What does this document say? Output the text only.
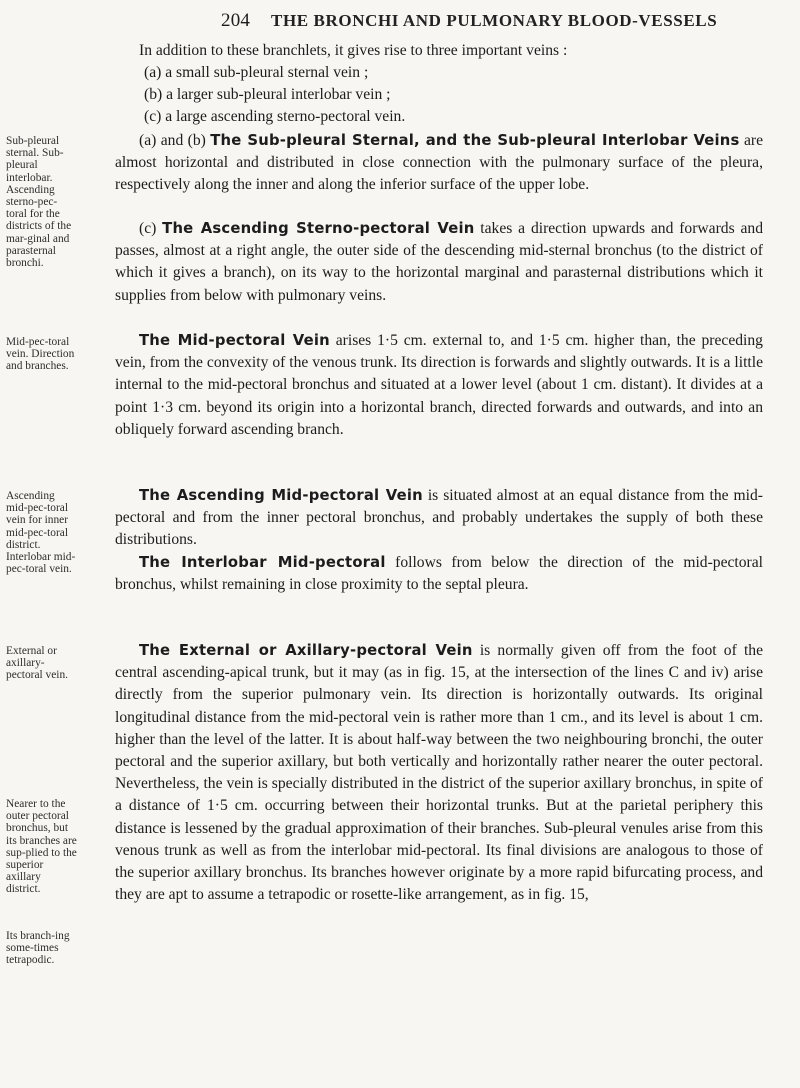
204 THE BRONCHI AND PULMONARY BLOOD-VESSELS

In addition to these branchlets, it gives rise to three important veins :

(a) a small sub-pleural sternal vein ;

(b) a larger sub-pleural interlobar vein ;

(c) a large ascending sterno-pectoral vein.

(a) and (b) The Sub-pleural Sternal, and the Sub-pleural Interlobar Veins are almost horizontal and distributed in close connection with the pulmonary surface of the pleura, respectively along the inner and along the inferior surface of the upper lobe.

(c) The Ascending Sterno-pectoral Vein takes a direction upwards and forwards and passes, almost at a right angle, the outer side of the descending mid-sternal bronchus (to the district of which it gives a branch), on its way to the horizontal marginal and parasternal distributions which it supplies from below with pulmonary veins.

The Mid-pectoral Vein arises 1·5 cm. external to, and 1·5 cm. higher than, the preceding vein, from the convexity of the venous trunk. Its direction is forwards and slightly outwards. It is a little internal to the mid-pectoral bronchus and situated at a lower level (about 1 cm. distant). It divides at a point 1·3 cm. beyond its origin into a horizontal branch, directed forwards and outwards, and into an obliquely forward ascending branch.

The Ascending Mid-pectoral Vein is situated almost at an equal distance from the mid-pectoral and from the inner pectoral bronchus, and probably undertakes the supply of both these distributions.

The Interlobar Mid-pectoral follows from below the direction of the mid-pectoral bronchus, whilst remaining in close proximity to the septal pleura.

The External or Axillary-pectoral Vein is normally given off from the foot of the central ascending-apical trunk, but it may (as in fig. 15, at the intersection of the lines C and iv) arise directly from the superior pulmonary vein. Its direction is horizontally outwards. Its original longitudinal distance from the mid-pectoral vein is rather more than 1 cm., and its level is about 1 cm. higher than the level of the latter. It is about half-way between the two neighbouring bronchi, the outer pectoral and the superior axillary, but both vertically and horizontally rather nearer the outer pectoral. Nevertheless, the vein is specially distributed in the district of the superior axillary bronchus, in spite of a distance of 1·5 cm. occurring between their horizontal trunks. But at the parietal periphery this distance is lessened by the gradual approximation of their branches. Sub-pleural venules arise from this venous trunk as well as from the interlobar mid-pectoral. Its final divisions are analogous to those of the superior axillary bronchus. Its branches however originate by a more rapid bifurcating process, and they are apt to assume a tetrapodic or rosette-like arrangement, as in fig. 15,

Sub-pleural sternal. Sub-pleural interlobar. Ascending sterno-pec-toral for the districts of the mar-ginal and parasternal bronchi.

Mid-pec-toral vein. Direction and branches.

Ascending mid-pec-toral vein for inner mid-pec-toral district. Interlobar mid-pec-toral vein.

External or axillary-pectoral vein.

Nearer to the outer pectoral bronchus, but its branches are sup-plied to the superior axillary district.

Its branch-ing some-times tetrapodic.
